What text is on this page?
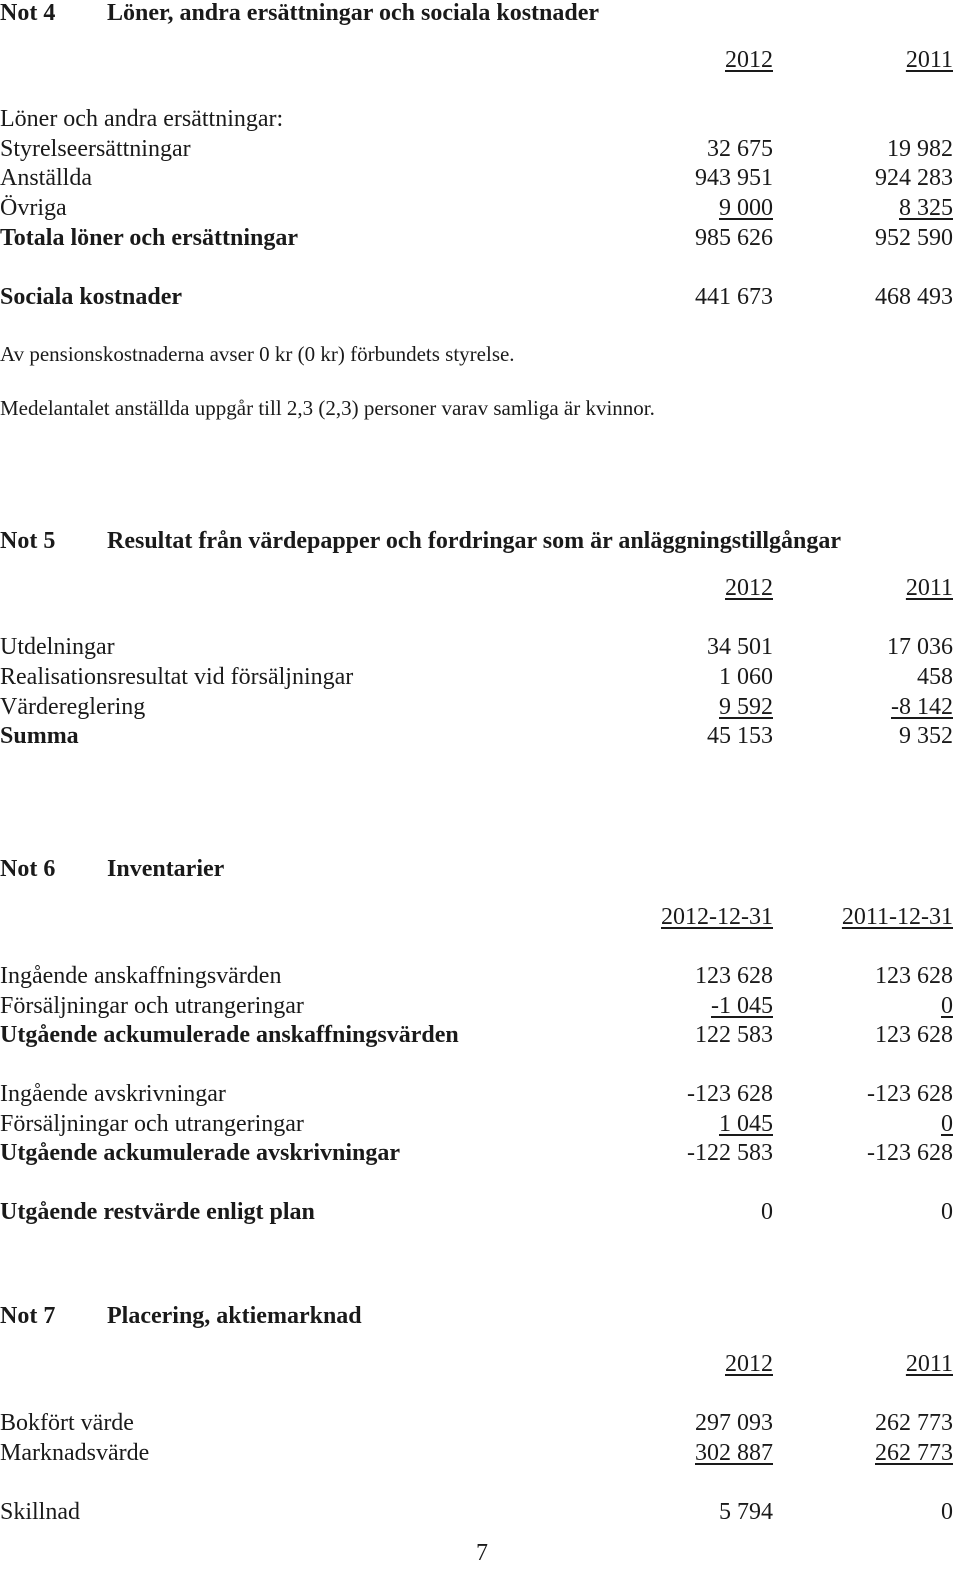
Not 4 Löner, andra ersättningar och sociala kostnader
2012	2011
Löner och andra ersättningar:
Styrelseersättningar	32 675	19 982
Anställda	943 951	924 283
Övriga	9 000	8 325
Totala löner och ersättningar	985 626	952 590
Sociala kostnader	441 673	468 493
Av pensionskostnaderna avser 0 kr (0 kr) förbundets styrelse.
Medelantalet anställda uppgår till 2,3 (2,3) personer varav samliga är kvinnor.
Not 5 Resultat från värdepapper och fordringar som är anläggningstillgångar
2012	2011
Utdelningar	34 501	17 036
Realisationsresultat vid försäljningar	1 060	458
Värdereglering	9 592	-8 142
Summa	45 153	9 352
Not 6 Inventarier
2012-12-31	2011-12-31
Ingående anskaffningsvärden	123 628	123 628
Försäljningar och utrangeringar	-1 045	0
Utgående ackumulerade anskaffningsvärden	122 583	123 628
Ingående avskrivningar	-123 628	-123 628
Försäljningar och utrangeringar	1 045	0
Utgående ackumulerade avskrivningar	-122 583	-123 628
Utgående restvärde enligt plan	0	0
Not 7 Placering, aktiemarknad
2012	2011
Bokfört värde	297 093	262 773
Marknadsvärde	302 887	262 773
Skillnad	5 794	0
7
